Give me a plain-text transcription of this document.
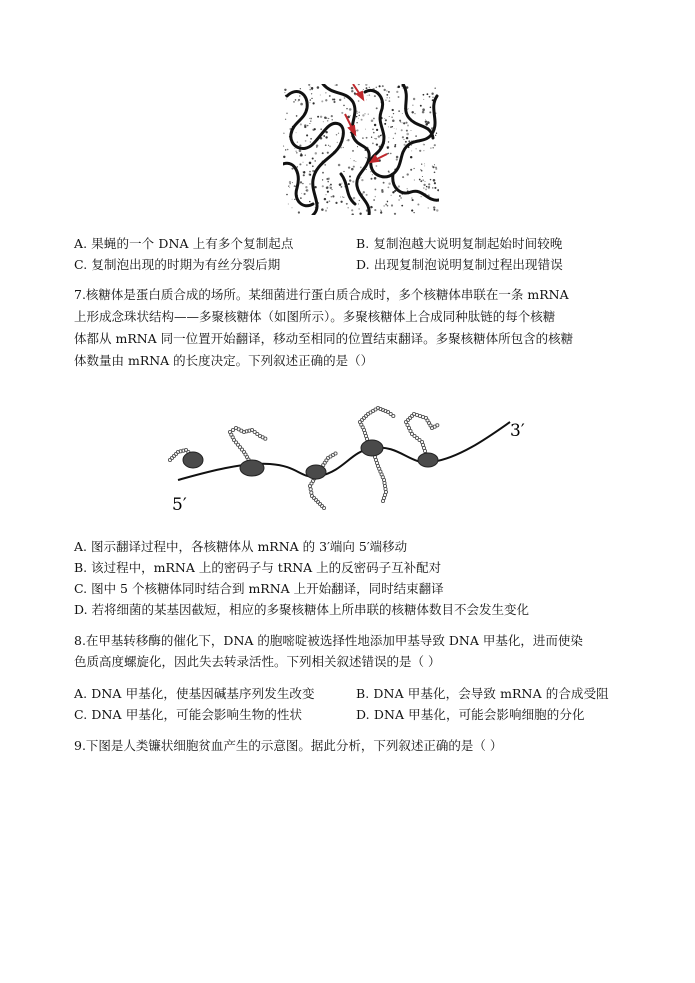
A. 果蝇的一个 DNA 上有多个复制起点	B. 复制泡越大说明复制起始时间较晚
C. 复制泡出现的时期为有丝分裂后期	D. 出现复制泡说明复制过程出现错误
7.核糖体是蛋白质合成的场所。某细菌进行蛋白质合成时，多个核糖体串联在一条 mRNA
上形成念珠状结构——多聚核糖体（如图所示）。多聚核糖体上合成同种肽链的每个核糖
体都从 mRNA 同一位置开始翻译，移动至相同的位置结束翻译。多聚核糖体所包含的核糖
体数量由 mRNA 的长度决定。下列叙述正确的是（）
3′
5′
A. 图示翻译过程中，各核糖体从 mRNA 的 3′端向 5′端移动
B. 该过程中，mRNA 上的密码子与 tRNA 上的反密码子互补配对
C. 图中 5 个核糖体同时结合到 mRNA 上开始翻译，同时结束翻译
D. 若将细菌的某基因截短，相应的多聚核糖体上所串联的核糖体数目不会发生变化
8.在甲基转移酶的催化下，DNA 的胞嘧啶被选择性地添加甲基导致 DNA 甲基化，进而使染
色质高度螺旋化，因此失去转录活性。下列相关叙述错误的是（ ）
A. DNA 甲基化，使基因碱基序列发生改变	B. DNA 甲基化，会导致 mRNA 的合成受阻
C. DNA 甲基化，可能会影响生物的性状	D. DNA 甲基化，可能会影响细胞的分化
9.下图是人类镰状细胞贫血产生的示意图。据此分析，下列叙述正确的是（ ）
